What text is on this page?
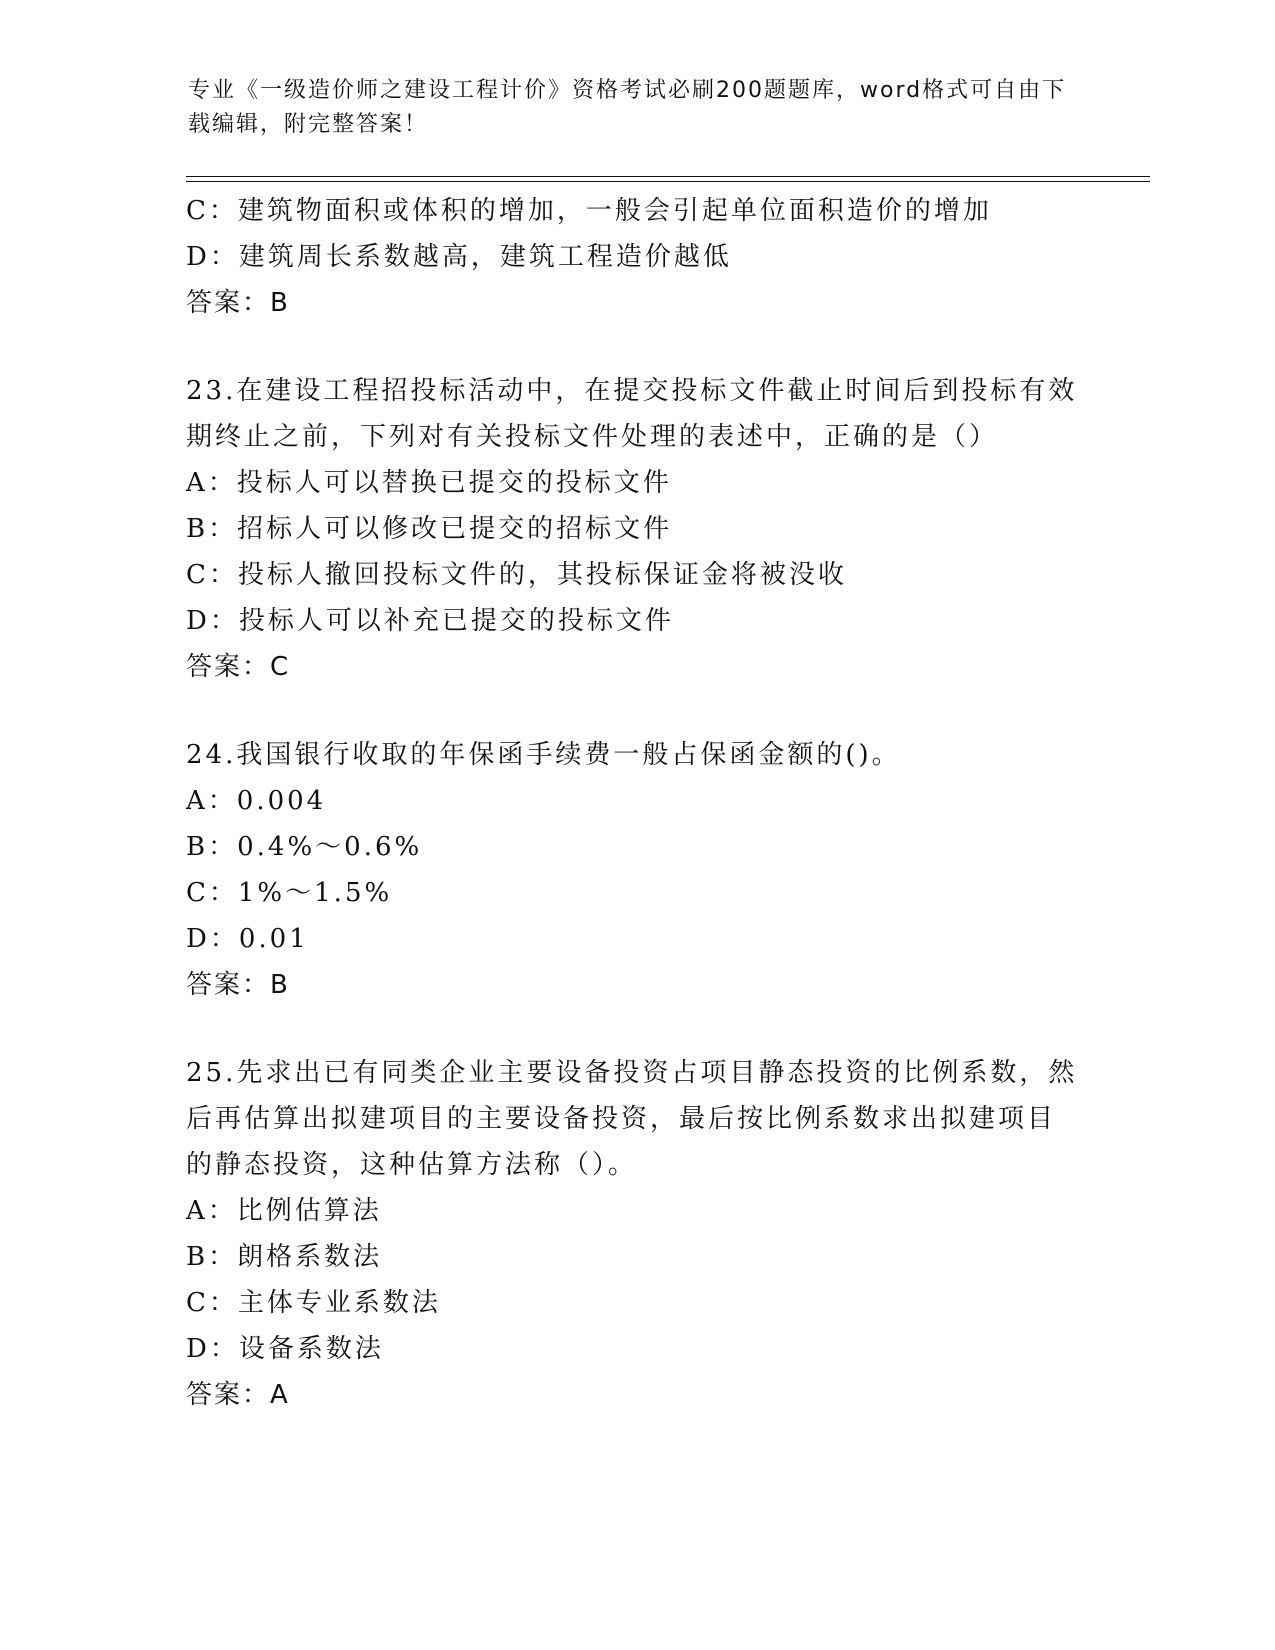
专业《一级造价师之建设工程计价》资格考试必刷200题题库，word格式可自由下载编辑，附完整答案！
C：建筑物面积或体积的增加，一般会引起单位面积造价的增加
D：建筑周长系数越高，建筑工程造价越低
答案：B
23.在建设工程招投标活动中，在提交投标文件截止时间后到投标有效
期终止之前，下列对有关投标文件处理的表述中，正确的是（）
A：投标人可以替换已提交的投标文件
B：招标人可以修改已提交的招标文件
C：投标人撤回投标文件的，其投标保证金将被没收
D：投标人可以补充已提交的投标文件
答案：C
24.我国银行收取的年保函手续费一般占保函金额的()。
A：0.004
B：0.4%～0.6%
C：1%～1.5%
D：0.01
答案：B
25.先求出已有同类企业主要设备投资占项目静态投资的比例系数，然
后再估算出拟建项目的主要设备投资，最后按比例系数求出拟建项目
的静态投资，这种估算方法称（）。
A：比例估算法
B：朗格系数法
C：主体专业系数法
D：设备系数法
答案：A
